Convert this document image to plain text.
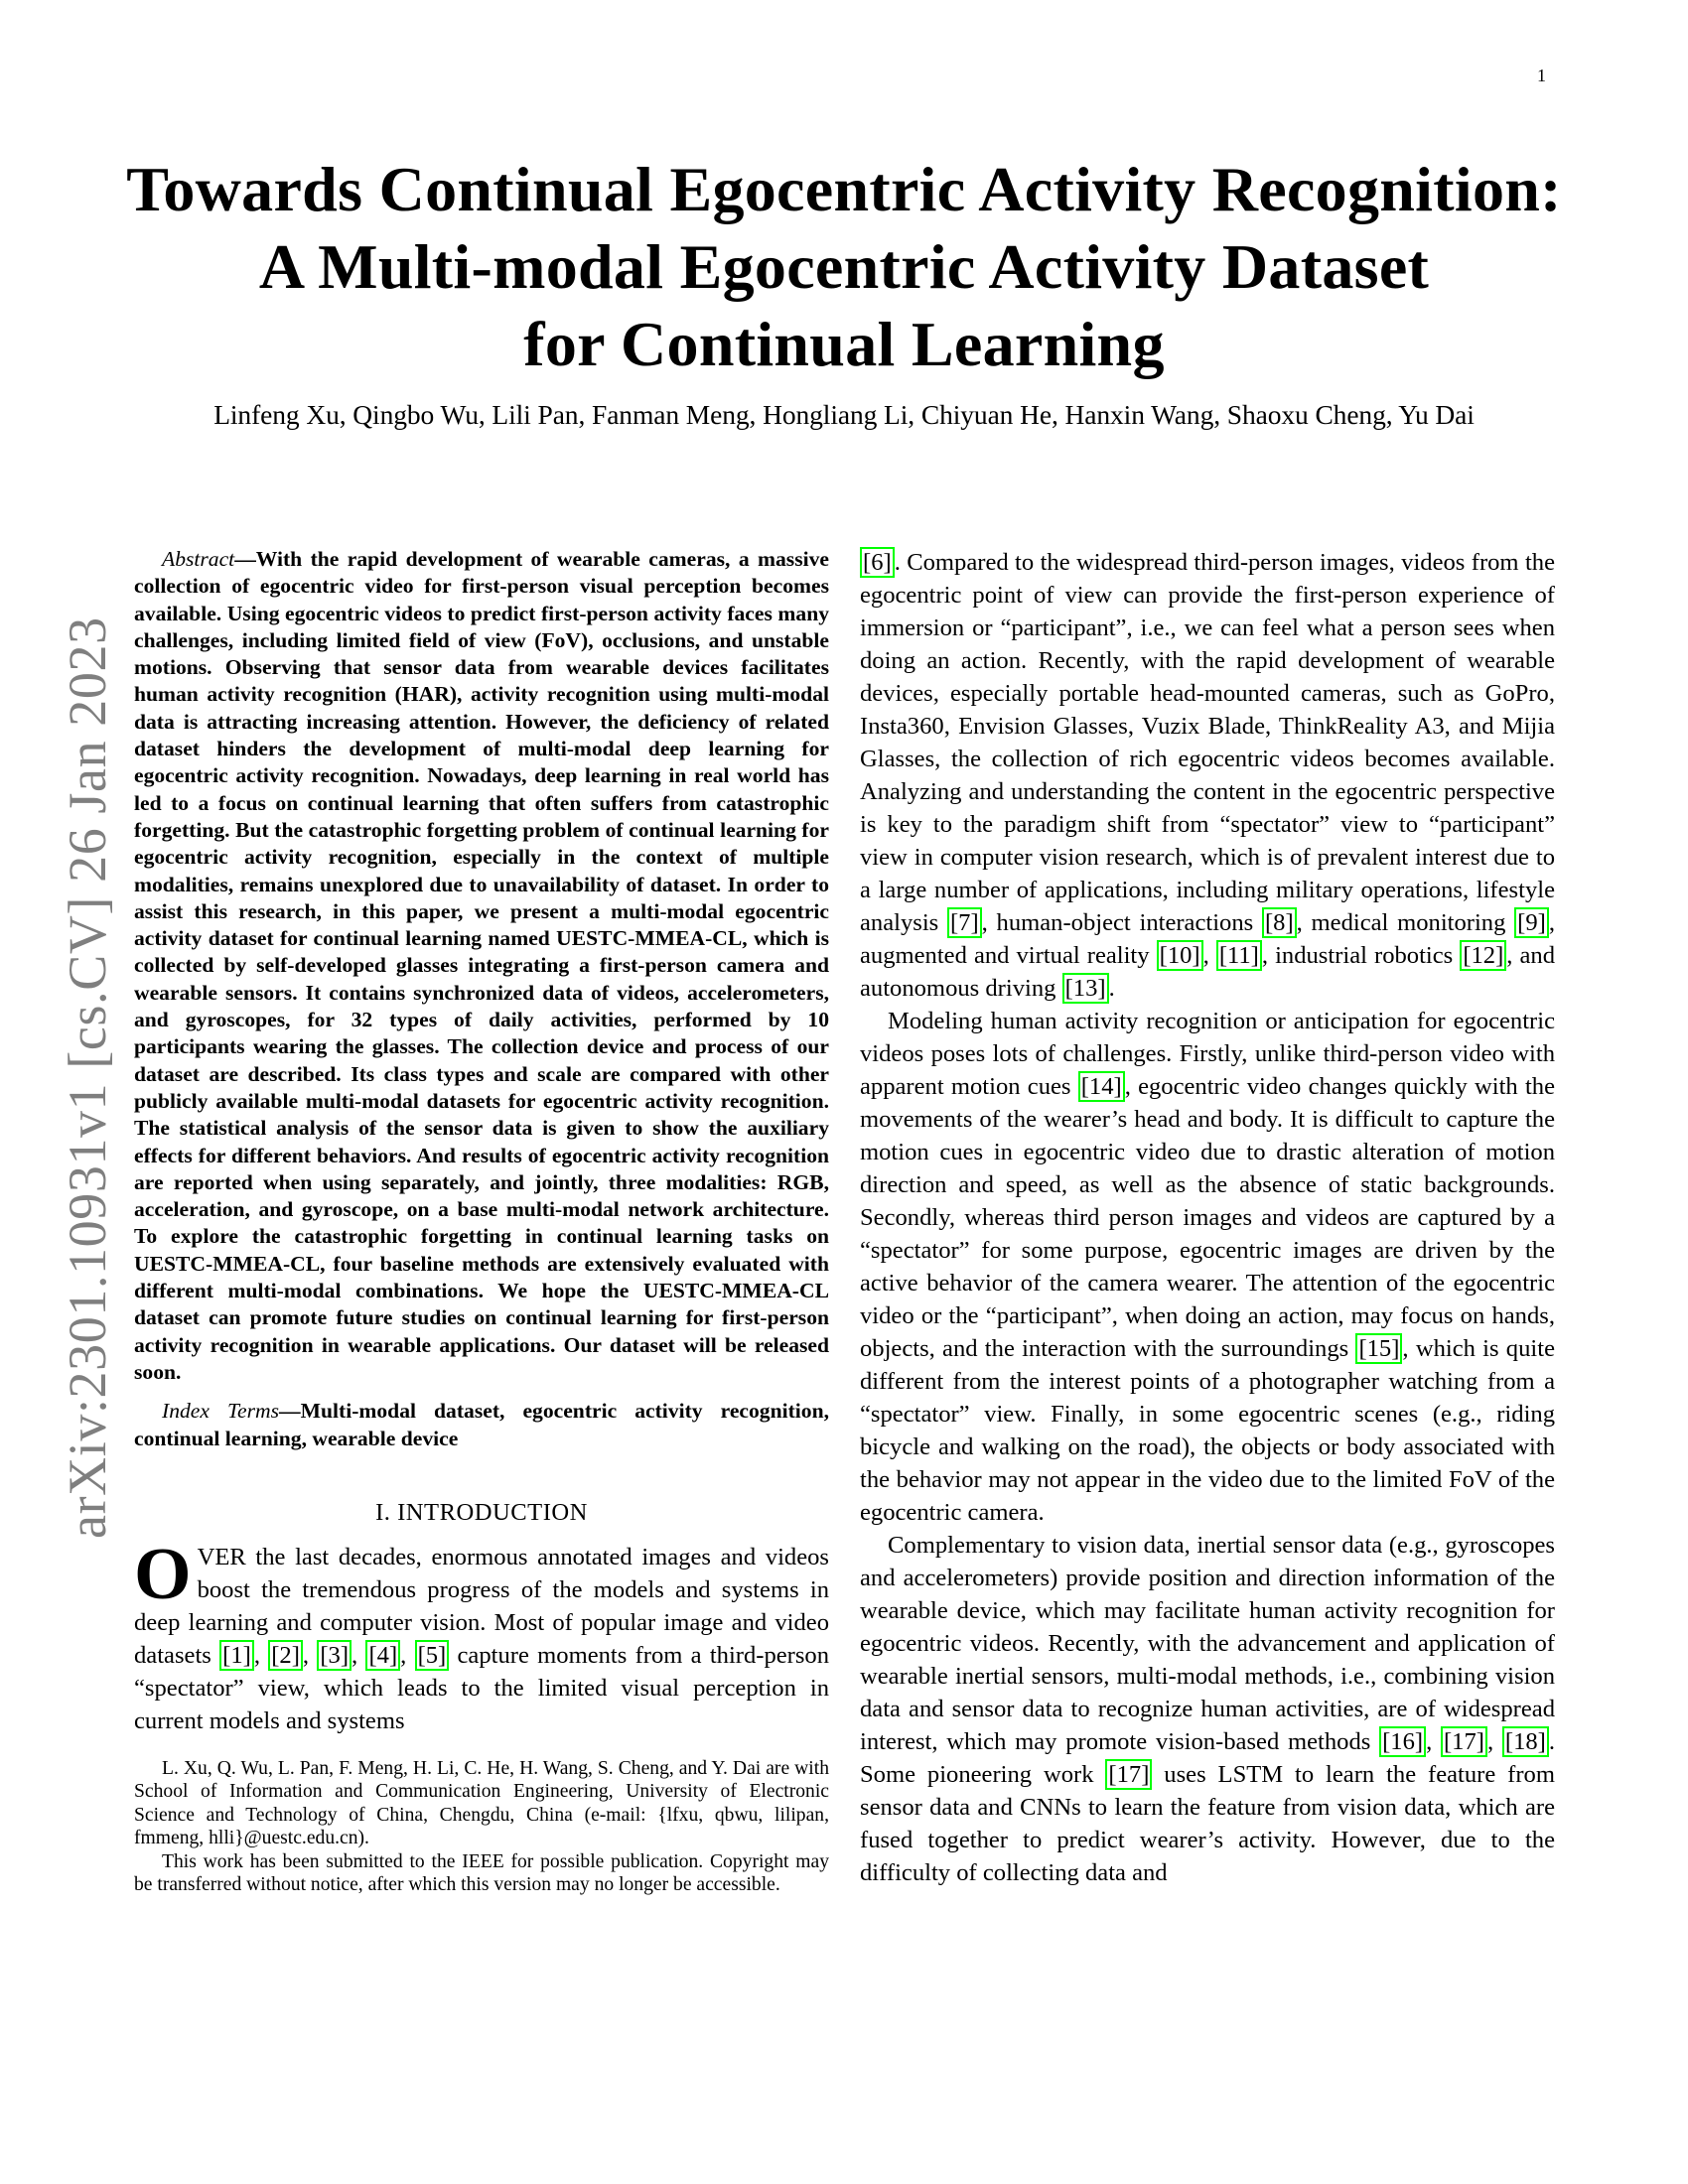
1
arXiv:2301.10931v1 [cs.CV] 26 Jan 2023
Towards Continual Egocentric Activity Recognition:
A Multi-modal Egocentric Activity Dataset
for Continual Learning
Linfeng Xu, Qingbo Wu, Lili Pan, Fanman Meng, Hongliang Li, Chiyuan He, Hanxin Wang, Shaoxu Cheng, Yu Dai
Abstract—With the rapid development of wearable cameras, a massive collection of egocentric video for first-person visual perception becomes available. Using egocentric videos to predict first-person activity faces many challenges, including limited field of view (FoV), occlusions, and unstable motions. Observing that sensor data from wearable devices facilitates human activity recognition (HAR), activity recognition using multi-modal data is attracting increasing attention. However, the deficiency of related dataset hinders the development of multi-modal deep learning for egocentric activity recognition. Nowadays, deep learning in real world has led to a focus on continual learning that often suffers from catastrophic forgetting. But the catastrophic forgetting problem of continual learning for egocentric activity recognition, especially in the context of multiple modalities, remains unexplored due to unavailability of dataset. In order to assist this research, in this paper, we present a multi-modal egocentric activity dataset for continual learning named UESTC-MMEA-CL, which is collected by self-developed glasses integrating a first-person camera and wearable sensors. It contains synchronized data of videos, accelerometers, and gyroscopes, for 32 types of daily activities, performed by 10 participants wearing the glasses. The collection device and process of our dataset are described. Its class types and scale are compared with other publicly available multi-modal datasets for egocentric activity recognition. The statistical analysis of the sensor data is given to show the auxiliary effects for different behaviors. And results of egocentric activity recognition are reported when using separately, and jointly, three modalities: RGB, acceleration, and gyroscope, on a base multi-modal network architecture. To explore the catastrophic forgetting in continual learning tasks on UESTC-MMEA-CL, four baseline methods are extensively evaluated with different multi-modal combinations. We hope the UESTC-MMEA-CL dataset can promote future studies on continual learning for first-person activity recognition in wearable applications. Our dataset will be released soon.
Index Terms—Multi-modal dataset, egocentric activity recognition, continual learning, wearable device
I. INTRODUCTION
OVER the last decades, enormous annotated images and videos boost the tremendous progress of the models and systems in deep learning and computer vision. Most of popular image and video datasets [1] , [2] , [3] , [4] , [5] capture moments from a third-person “spectator” view, which leads to the limited visual perception in current models and systems

L. Xu, Q. Wu, L. Pan, F. Meng, H. Li, C. He, H. Wang, S. Cheng, and Y. Dai are with School of Information and Communication Engineering, University of Electronic Science and Technology of China, Chengdu, China (e-mail: {lfxu, qbwu, lilipan, fmmeng, hlli}@uestc.edu.cn).

This work has been submitted to the IEEE for possible publication. Copyright may be transferred without notice, after which this version may no longer be accessible.

[6] . Compared to the widespread third-person images, videos from the egocentric point of view can provide the first-person experience of immersion or “participant”, i.e., we can feel what a person sees when doing an action. Recently, with the rapid development of wearable devices, especially portable head-mounted cameras, such as GoPro, Insta360, Envision Glasses, Vuzix Blade, ThinkReality A3, and Mijia Glasses, the collection of rich egocentric videos becomes available. Analyzing and understanding the content in the egocentric perspective is key to the paradigm shift from “spectator” view to “participant” view in computer vision research, which is of prevalent interest due to a large number of applications, including military operations, lifestyle analysis [7] , human-object interactions [8] , medical monitoring [9] , augmented and virtual reality [10] , [11] , industrial robotics [12] , and autonomous driving [13] .
Modeling human activity recognition or anticipation for egocentric videos poses lots of challenges. Firstly, unlike third-person video with apparent motion cues [14] , egocentric video changes quickly with the movements of the wearer’s head and body. It is difficult to capture the motion cues in egocentric video due to drastic alteration of motion direction and speed, as well as the absence of static backgrounds. Secondly, whereas third person images and videos are captured by a “spectator” for some purpose, egocentric images are driven by the active behavior of the camera wearer. The attention of the egocentric video or the “participant”, when doing an action, may focus on hands, objects, and the interaction with the surroundings [15] , which is quite different from the interest points of a photographer watching from a “spectator” view. Finally, in some egocentric scenes (e.g., riding bicycle and walking on the road), the objects or body associated with the behavior may not appear in the video due to the limited FoV of the egocentric camera.
Complementary to vision data, inertial sensor data (e.g., gyroscopes and accelerometers) provide position and direction information of the wearable device, which may facilitate human activity recognition for egocentric videos. Recently, with the advancement and application of wearable inertial sensors, multi-modal methods, i.e., combining vision data and sensor data to recognize human activities, are of widespread interest, which may promote vision-based methods [16] , [17] , [18] . Some pioneering work [17] uses LSTM to learn the feature from sensor data and CNNs to learn the feature from vision data, which are fused together to predict wearer’s activity. However, due to the difficulty of collecting data and
